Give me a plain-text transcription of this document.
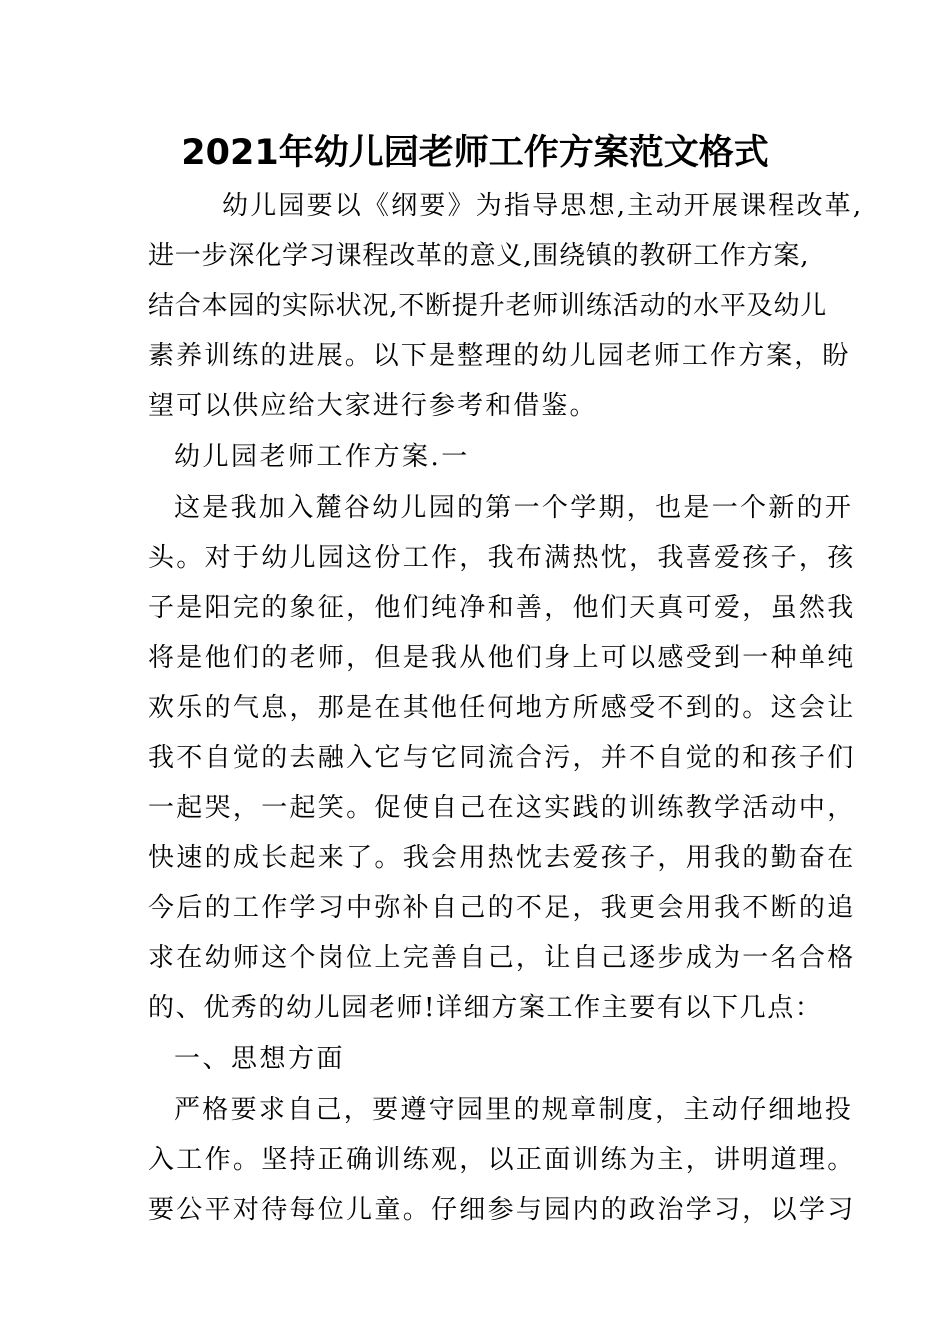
2021年幼儿园老师工作方案范文格式
幼儿园要以《纲要》为指导思想,主动开展课程改革,
进一步深化学习课程改革的意义,围绕镇的教研工作方案,
结合本园的实际状况,不断提升老师训练活动的水平及幼儿
素养训练的进展。以下是整理的幼儿园老师工作方案，盼
望可以供应给大家进行参考和借鉴。
幼儿园老师工作方案.一
这是我加入麓谷幼儿园的第一个学期，也是一个新的开
头。对于幼儿园这份工作，我布满热忱，我喜爱孩子，孩
子是阳完的象征，他们纯净和善，他们天真可爱，虽然我
将是他们的老师，但是我从他们身上可以感受到一种单纯
欢乐的气息，那是在其他任何地方所感受不到的。这会让
我不自觉的去融入它与它同流合污，并不自觉的和孩子们
一起哭，一起笑。促使自己在这实践的训练教学活动中，
快速的成长起来了。我会用热忱去爱孩子，用我的勤奋在
今后的工作学习中弥补自己的不足，我更会用我不断的追
求在幼师这个岗位上完善自己，让自己逐步成为一名合格
的、优秀的幼儿园老师!详细方案工作主要有以下几点：
一、思想方面
严格要求自己，要遵守园里的规章制度，主动仔细地投
入工作。坚持正确训练观，以正面训练为主，讲明道理。
要公平对待每位儿童。仔细参与园内的政治学习，以学习
